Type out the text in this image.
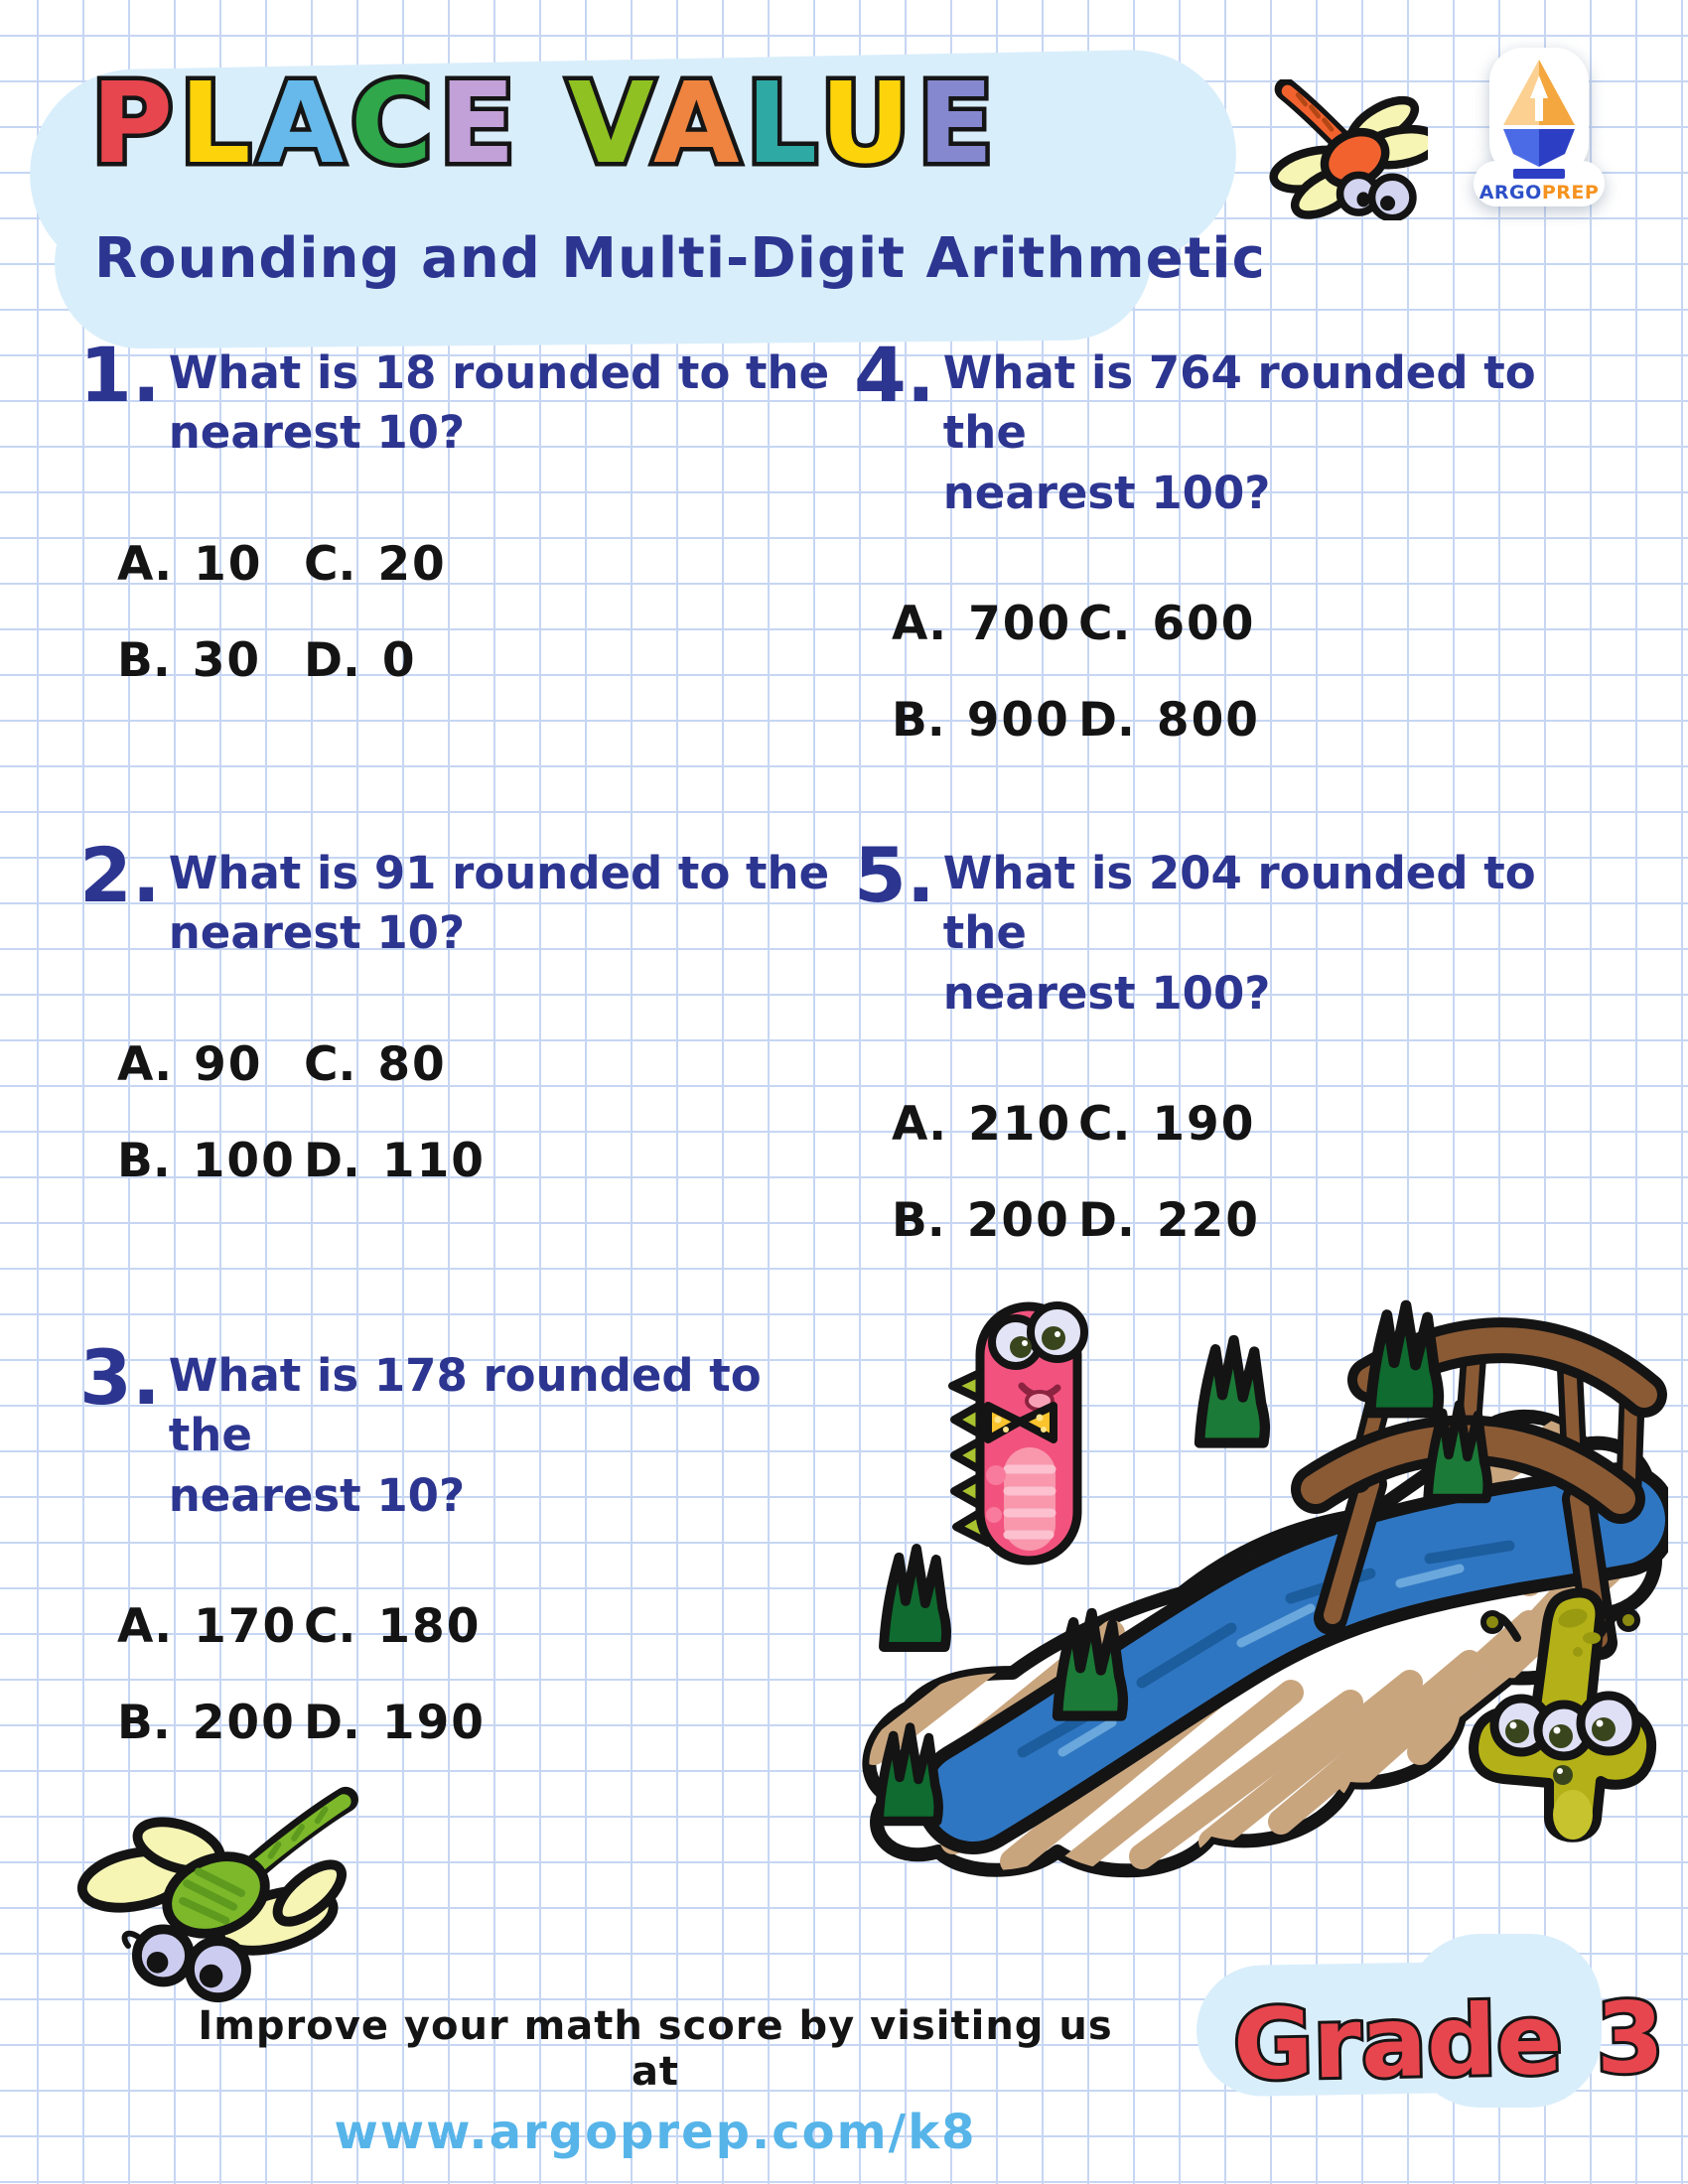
PLACE VALUE
Rounding and Multi-Digit Arithmetic
ARGOPREP
1. What is 18 rounded to the
nearest 10?
A. 10 C. 20
B. 30 D. 0
4. What is 764 rounded to the
nearest 100?
A. 700 C. 600
B. 900 D. 800
2. What is 91 rounded to the
nearest 10?
A. 90 C. 80
B. 100 D. 110
5. What is 204 rounded to the
nearest 100?
A. 210 C. 190
B. 200 D. 220
3. What is 178 rounded to the
nearest 10?
A. 170 C. 180
B. 200 D. 190
Improve your math score by visiting us at
www.argoprep.com/k8
Grade 3
